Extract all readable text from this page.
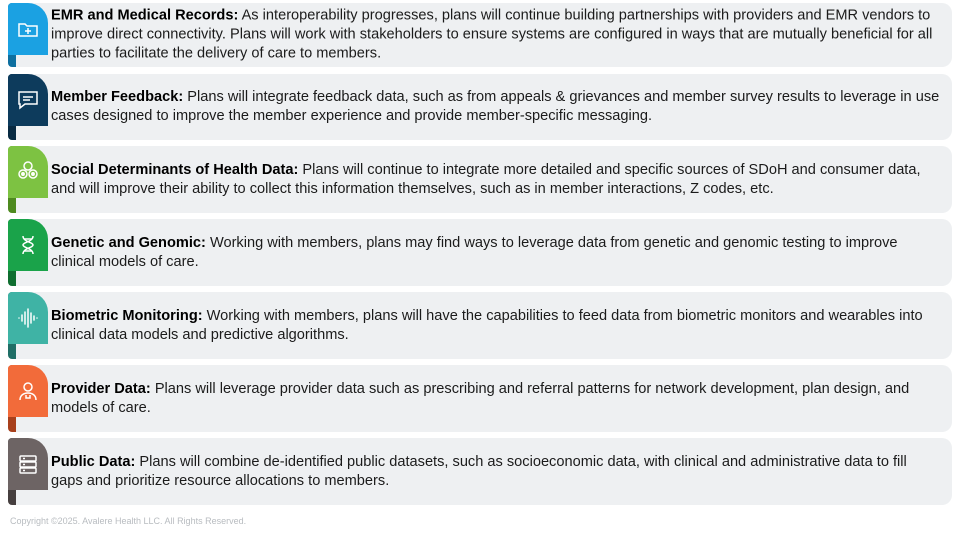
EMR and Medical Records: As interoperability progresses, plans will continue building partnerships with providers and EMR vendors to improve direct connectivity. Plans will work with stakeholders to ensure systems are configured in ways that are mutually beneficial for all parties to facilitate the delivery of care to members.
Member Feedback: Plans will integrate feedback data, such as from appeals & grievances and member survey results to leverage in use cases designed to improve the member experience and provide member-specific messaging.
Social Determinants of Health Data: Plans will continue to integrate more detailed and specific sources of SDoH and consumer data, and will improve their ability to collect this information themselves, such as in member interactions, Z codes, etc.
Genetic and Genomic: Working with members, plans may find ways to leverage data from genetic and genomic testing to improve clinical models of care.
Biometric Monitoring: Working with members, plans will have the capabilities to feed data from biometric monitors and wearables into clinical data models and predictive algorithms.
Provider Data: Plans will leverage provider data such as prescribing and referral patterns for network development, plan design, and models of care.
Public Data: Plans will combine de-identified public datasets, such as socioeconomic data, with clinical and administrative data to fill gaps and prioritize resource allocations to members.
Copyright ©2025. Avalere Health LLC. All Rights Reserved.
